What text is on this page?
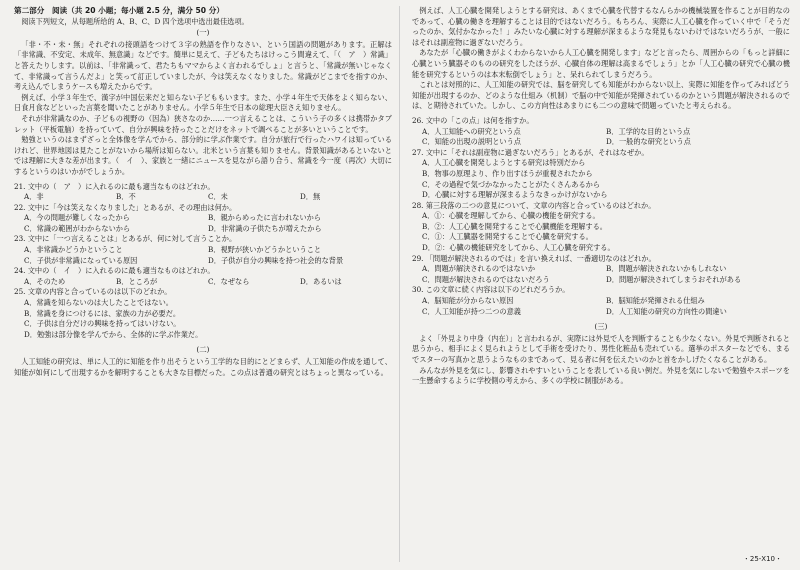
第二部分　阅读（共 20 小题；每小题 2.5 分，满分 50 分）

阅读下列短文，从每题所给的 A、B、C、D 四个选项中选出最佳选项。

(一)

「非・不・未・無」それぞれの接頭語をつけて３字の熟語を作りなさい、という国語の問題があります。正解は「非常識、不安定、未成年、無意識」などです。簡単に見えて、子どもたちはけっこう間違えて、「（　ア　）常識」と答えたりします。以前は、「非常識って、君たちもママからよく言われるでしょ」と言うと、「常識が無いじゃなくて、非常識って言うんだよ」と笑って訂正していましたが、今は笑えなくなりました。常識がどこまでを指すのか、考え込んでしまうケースも増えたからです。

例えば、小学３年生で、漢字が中国伝来だと知らない子どももいます。また、小学４年生で天体をよく知らない、日食月食などといった言葉を聞いたことがありません。小学５年生で日本の総理大臣さえ知りません。

それが非常識なのか、子どもの視野の（因為）狭さなのか……一つ言えることは、こういう子の多くは携帯かタブレット（平板電脑）を持っていて、自分が興味を持ったことだけをネットで調べることが多いということです。

勉強というのはまずざっと全体像を学んでから、部分的に学ぶ作業です。自分が旅行で行ったハワイは知っているけれど、世界地図は見たことがないから場所は知らない。北米という言葉も知りません。背景知識があるといないとでは理解に大きな差が出ます。（　イ　）、家族と一緒にニュースを見ながら語り合う、常識を今一度（再次）大切にするというのはいかがでしょうか。

21. 文中の（　ア　）に入れるのに最も適当なものはどれか。

A．非	B．不	C．未	D．無

22. 文中に「今は笑えなくなりました」とあるが、その理由は何か。

A．今の問題が難しくなったから	B．親からめったに言われないから
C．常識の範囲がわからないから	D．非常識の子供たちが増えたから

23. 文中に「一つ言えることは」とあるが、何に対して言うことか。

A．非常識かどうかということ	B．視野が狭いかどうかということ
C．子供が非常識になっている原因	D．子供が自分の興味を持つ社会的な背景

24. 文中の（　イ　）に入れるのに最も適当なものはどれか。

A．そのため	B．ところが	C．なぜなら	D．あるいは

25. 文章の内容と合っているのは以下のどれか。

A．常識を知らないのは大したことではない。
B．常識を身につけるには、家族の力が必要だ。
C．子供は自分だけの興味を持ってはいけない。
D．勉強は部分像を学んでから、全体的に学ぶ作業だ。
(二)

人工知能の研究は、単に人工的に知能を作り出そうという工学的な目的にとどまらず、人工知能の作成を通して、知能が如何にして出現するかを解明することも大きな目標だった。この点は普通の研究とはちょっと異なっている。

例えば、人工心臓を開発しようとする研究は、あくまで心臓を代替するなんらかの機械装置を作ることが目的なのであって、心臓の働きを理解することは目的ではないだろう。もちろん、実際に人工心臓を作っていく中で「そうだったのか、気付かなかった！」みたいな心臓に対する理解が深まるような発見もないわけではないだろうが、一般にはそれは副産物に過ぎないだろう。

あなたが「心臓の働きがよくわからないから人工心臓を開発します」などと言ったら、周囲からの「もっと詳細に心臓という臓器そのものの研究をしたほうが、心臓自体の理解は高まるでしょう」とか「人工心臓の研究で心臓の機能を研究するというのは本末転倒でしょう」と、呆れられてしまうだろう。

これとは対照的に、人工知能の研究では、脳を研究しても知能がわからない以上、実際に知能を作ってみればどう知能が出現するのか、どのような仕組み（机制）で脳の中で知能が発揮されているのかという問題が解決されるのでは、と期待されていた。しかし、この方向性はあまりにも二つの意味で問題っていたと考えられる。

26. 文中の「この点」は何を指すか。

A．人工知能への研究という点	B．工学的な目的という点
C．知能の出現の説明という点	D．一般的な研究という点

27. 文中に「それは副産物に過ぎないだろう」とあるが、それはなぜか。

A．人工心臓を開発しようとする研究は特別だから
B．物事の原理より、作り出すほうが重視されたから
C．その過程で気づかなかったことがたくさんあるから
D．心臓に対する理解が深まるようなきっかけがないから

28. 第三段落の二つの意見について、文章の内容と合っているのはどれか。

A．①：心臓を理解してから、心臓の機能を研究する。
B．②：人工心臓を開発することで心臓機能を理解する。
C．①：人工臓器を開発することで心臓を研究する。
D．②：心臓の機能研究をしてから、人工心臓を研究する。

29. 「問題が解決されるのでは」を言い換えれば、一番適切なのはどれか。

A．問題が解決されるのではないか	B．問題が解決されないかもしれない
C．問題が解決されるのではないだろう	D．問題が解決されてしまうおそれがある

30. この文章に続く内容は以下のどれだろうか。

A．脳知能が分からない原因	B．脳知能が発揮される仕組み
C．人工知能が持つ二つの意義	D．人工知能の研究の方向性の間違い
(三)

よく「外見より中身（内在）」と言われるが、実際には外見で人を判断することも少なくない。外見で判断されると思うから、相手によく見られようとして手術を受けたり、男性化粧品も売れている。選挙のポスターなどでも、まるでスターの写真かと思うようなものまであって、見る者に何を伝えたいのかと首をかしげたくなることがある。

みんなが外見を気にし、影響されやすいということを表している良い例だ。外見を気にしないで勉強やスポーツを一生懸命するように学校側の考えから、多くの学校に制服がある。

・25-X10・
